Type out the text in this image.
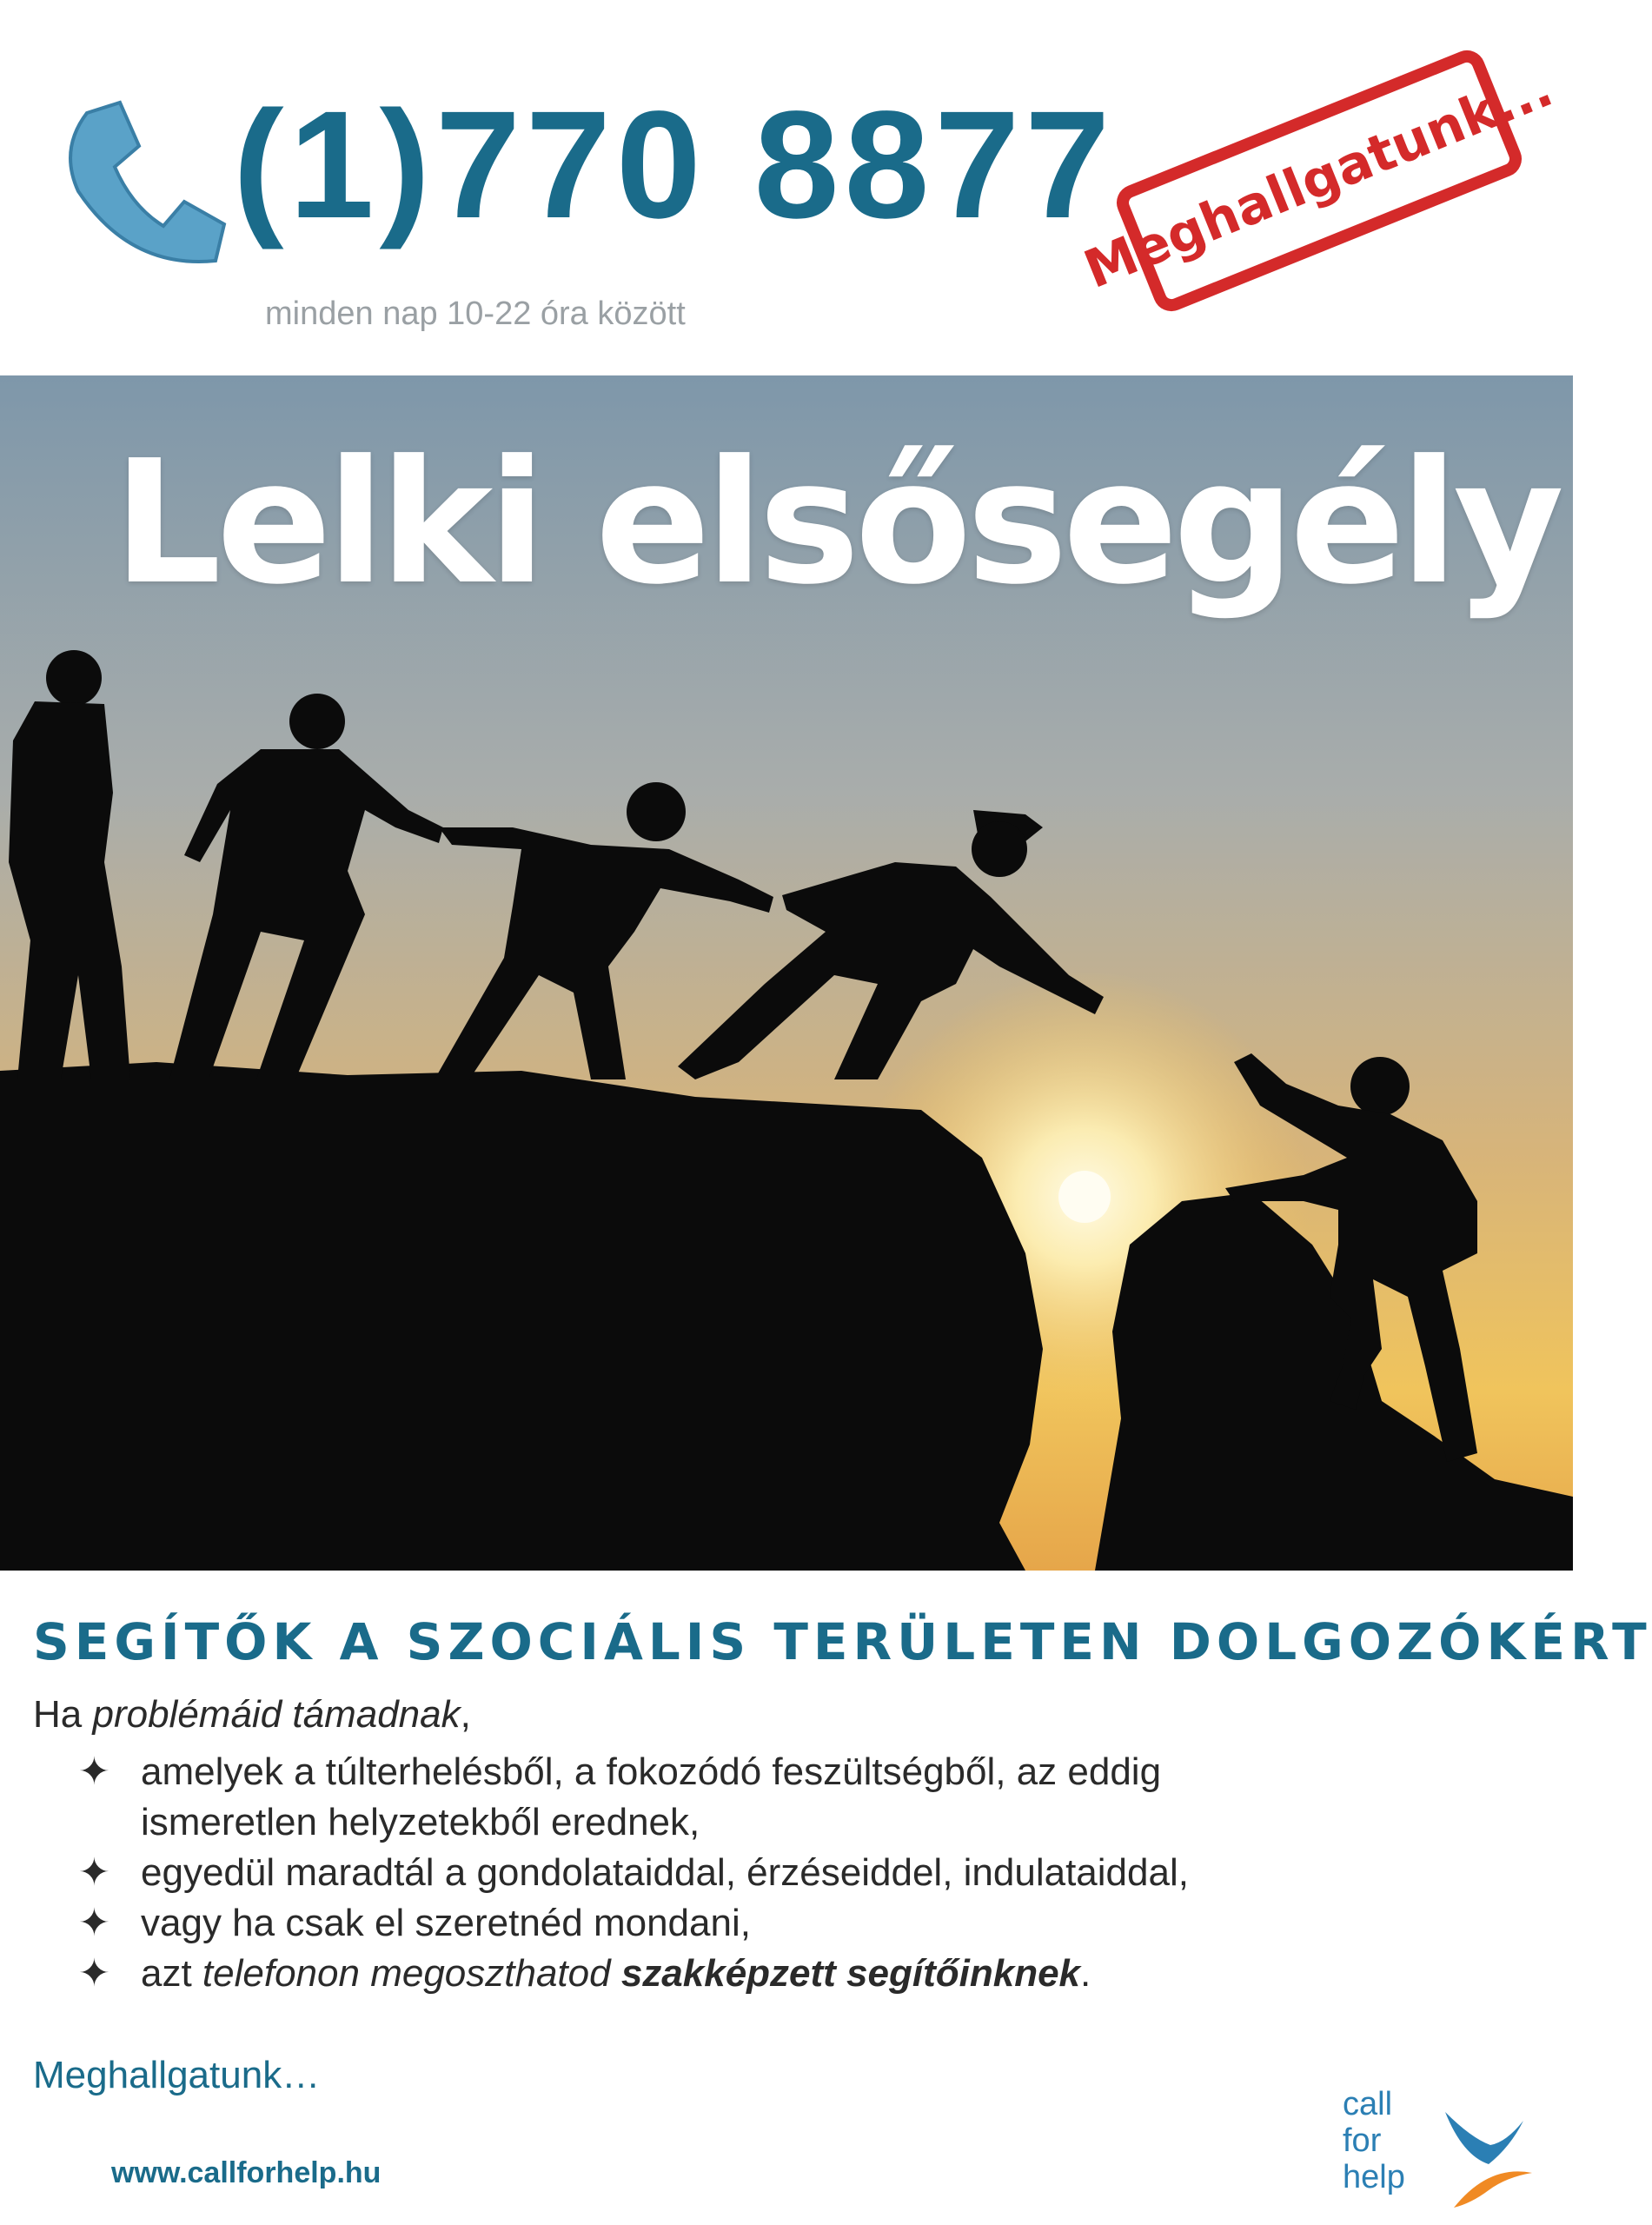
(1)770 8877
minden nap 10-22 óra között
Meghallgatunk...
Lelki elsősegély
SEGÍTŐK A SZOCIÁLIS TERÜLETEN DOLGOZÓKÉRT
Ha problémáid támadnak,
✦ amelyek a túlterhelésből, a fokozódó feszültségből, az eddig
ismeretlen helyzetekből erednek,
✦ egyedül maradtál a gondolataiddal, érzéseiddel, indulataiddal,
✦ vagy ha csak el szeretnéd mondani,
✦ azt telefonon megoszthatod szakképzett segítőinknek.
Meghallgatunk…
www.callforhelp.hu
call
for
help
